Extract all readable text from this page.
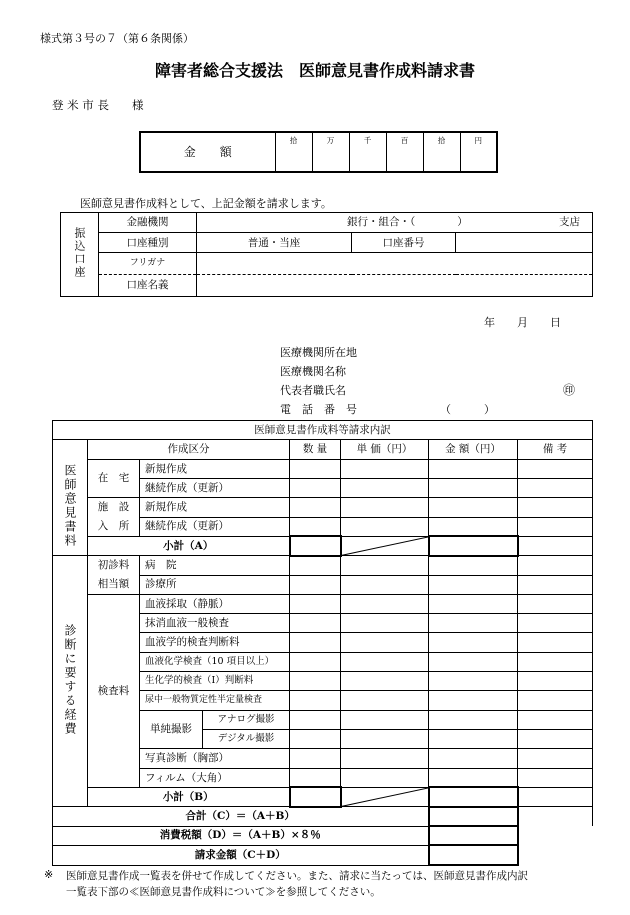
様式第３号の７（第６条関係）
障害者総合支援法　医師意見書作成料請求書
登 米 市 長　　様
金　　額	拾	万	千	百	拾	円
医師意見書作成料として、上記金額を請求します。
振込口座	金融機関	銀行・組合・（　　　　） 支店		

	口座種別	普通・当座	口座番号	
	フリガナ			
	口座名義			
年　　月　　日
医療機関所在地
医療機関名称
代表者職氏名	㊞
電　話　番　号	（　　　）
医師意見書作成料等請求内訳							
	作成区分			数 量	単 価（円）	金 額（円）	備 考
医師意見書料	在　宅	新規作成					
		継続作成（更新）					
	施　設	新規作成					
	入　所	継続作成（更新）					
	小計（A）		

診断に要する経費	初診料	病　院					
	相当額	診療所					
	検査料	血液採取（静脈）					
		抹消血液一般検査					
		血液学的検査判断料					
		血液化学検査（10 項目以上）					
		生化学的検査（Ⅰ）判断料					
		尿中一般物質定性半定量検査					
		単純撮影	アナログ撮影				
			デジタル撮影				
		写真診断（胸部）					
		フィルム（大角）					
	小計（B）		

合計（C）＝（A＋B）							
消費税額（D）＝（A＋B）×８％							
請求金額（C＋D）							
※ 医師意見書作成一覧表を併せて作成してください。また、請求に当たっては、医師意見書作成内訳
一覧表下部の≪医師意見書作成料について≫を参照してください。
